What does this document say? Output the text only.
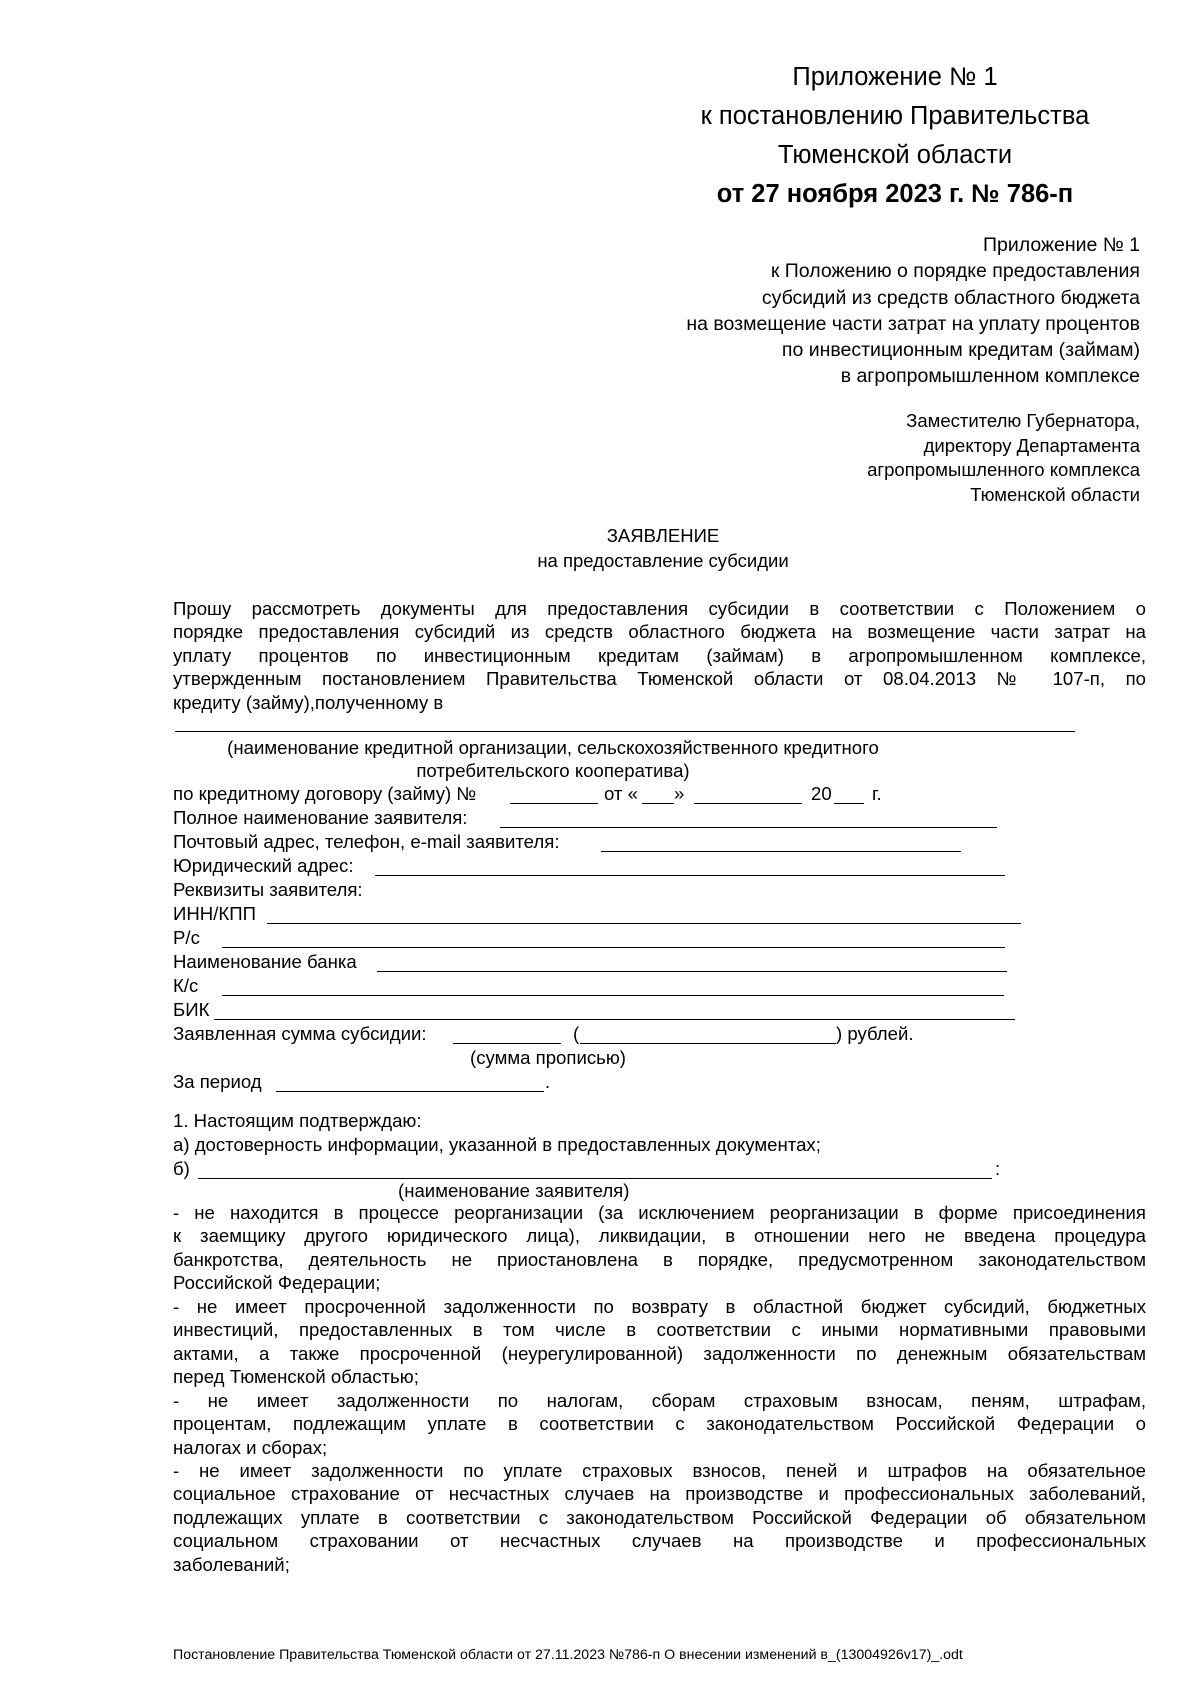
Приложение № 1
к постановлению Правительства
Тюменской области
от 27 ноября 2023 г. № 786-п
Приложение № 1
к Положению о порядке предоставления
субсидий из средств областного бюджета
на возмещение части затрат на уплату процентов
по инвестиционным кредитам (займам)
в агропромышленном комплексе
Заместителю Губернатора,
директору Департамента
агропромышленного комплекса
Тюменской области
ЗАЯВЛЕНИЕ
на предоставление субсидии
Прошу рассмотреть документы для предоставления субсидии в соответствии с Положением о
порядке предоставления субсидий из средств областного бюджета на возмещение части затрат на
уплату процентов по инвестиционным кредитам (займам) в агропромышленном комплексе,
утвержденным постановлением Правительства Тюменской области от 08.04.2013 № 107-п, по
кредиту (займу),полученному в
(наименование кредитной организации, сельскохозяйственного кредитного
потребительского кооператива)
по кредитному договору (займу) №	от « »	20 г.
Полное наименование заявителя:
Почтовый адрес, телефон, e-mail заявителя:
Юридический адрес:
Реквизиты заявителя:
ИНН/КПП
Р/с
Наименование банка
К/с
БИК
Заявленная сумма субсидии:	(	) рублей.
(сумма прописью)
За период	.
1. Настоящим подтверждаю:
а) достоверность информации, указанной в предоставленных документах;
б)	:
(наименование заявителя)
- не находится в процессе реорганизации (за исключением реорганизации в форме присоединения
к заемщику другого юридического лица), ликвидации, в отношении него не введена процедура
банкротства, деятельность не приостановлена в порядке, предусмотренном законодательством
Российской Федерации;
- не имеет просроченной задолженности по возврату в областной бюджет субсидий, бюджетных
инвестиций, предоставленных в том числе в соответствии с иными нормативными правовыми
актами, а также просроченной (неурегулированной) задолженности по денежным обязательствам
перед Тюменской областью;
- не имеет задолженности по налогам, сборам страховым взносам, пеням, штрафам,
процентам, подлежащим уплате в соответствии с законодательством Российской Федерации о
налогах и сборах;
- не имеет задолженности по уплате страховых взносов, пеней и штрафов на обязательное
социальное страхование от несчастных случаев на производстве и профессиональных заболеваний,
подлежащих уплате в соответствии с законодательством Российской Федерации об обязательном
социальном страховании от несчастных случаев на производстве и профессиональных
заболеваний;
Постановление Правительства Тюменской области от 27.11.2023 №786-п О внесении изменений в_(13004926v17)_.odt
